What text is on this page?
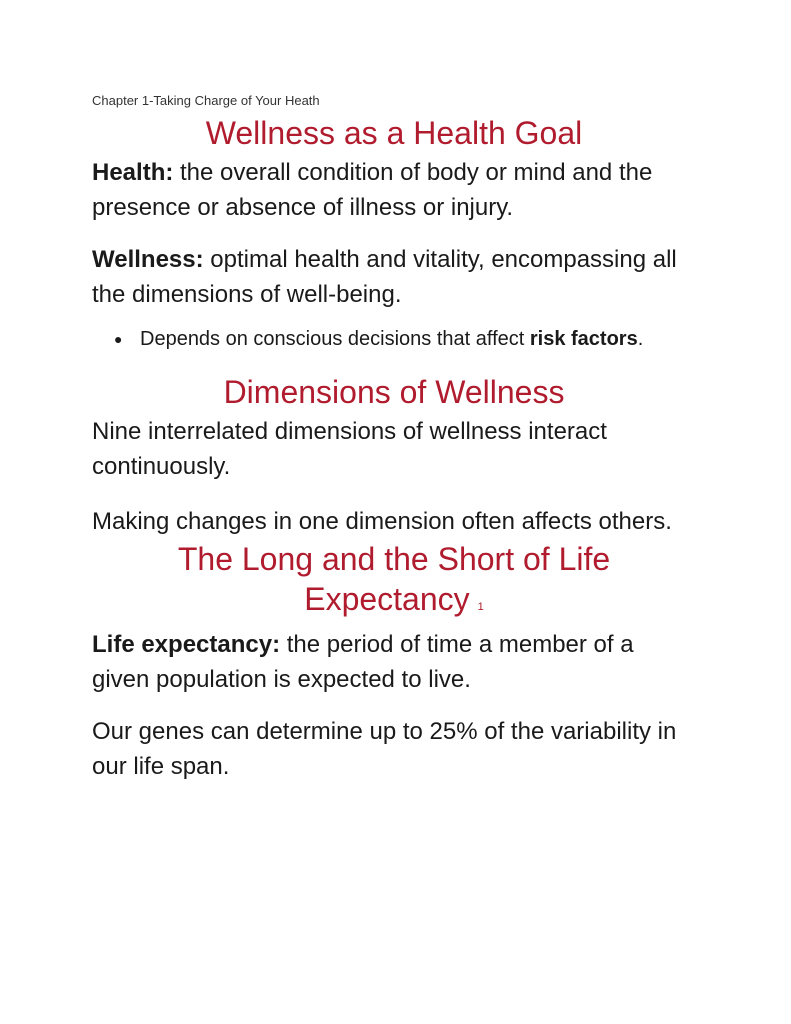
Chapter 1-Taking Charge of Your Heath
Wellness as a Health Goal

Health: the overall condition of body or mind and the presence or absence of illness or injury.

Wellness: optimal health and vitality, encompassing all the dimensions of well-being.

● Depends on conscious decisions that affect risk factors.
Dimensions of Wellness

Nine interrelated dimensions of wellness interact continuously.

Making changes in one dimension often affects others.

The Long and the Short of Life Expectancy 1

Life expectancy: the period of time a member of a given population is expected to live.

Our genes can determine up to 25% of the variability in our life span.
